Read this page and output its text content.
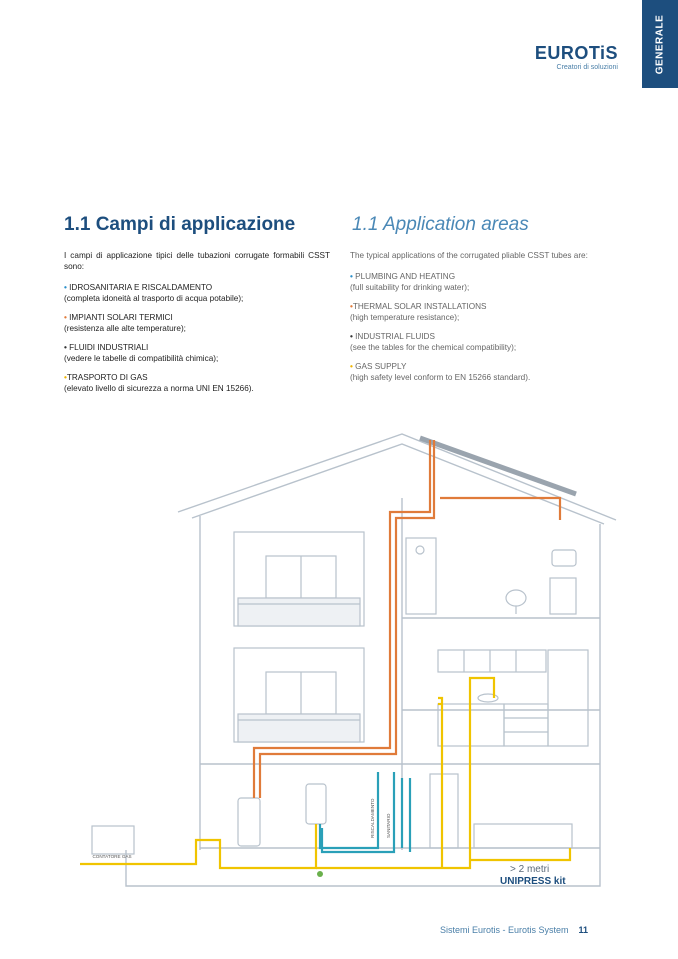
GENERALE
EUROTiS
Creatori di soluzioni
1.1 Campi di applicazione	1.1 Application areas

I campi di applicazione tipici delle tubazioni corrugate formabili CSST sono:

• IDROSANITARIA E RISCALDAMENTO
(completa idoneità al trasporto di acqua potabile);

• IMPIANTI SOLARI TERMICI
(resistenza alle alte temperature);

• FLUIDI INDUSTRIALI
(vedere le tabelle di compatibilità chimica);

•TRASPORTO DI GAS
(elevato livello di sicurezza a norma UNI EN 15266).

The typical applications of the corrugated pliable CSST tubes are:

• PLUMBING AND HEATING
(full suitability for drinking water);

•THERMAL SOLAR INSTALLATIONS
(high temperature resistance);

• INDUSTRIAL FLUIDS
(see the tables for the chemical compatibility);

• GAS SUPPLY
(high safety level conform to EN 15266 standard).

CONTATORE GAS
RISCALDAMENTO SANITARIO
> 2 metri
UNIPRESS kit
Sistemi Eurotis - Eurotis System 11
